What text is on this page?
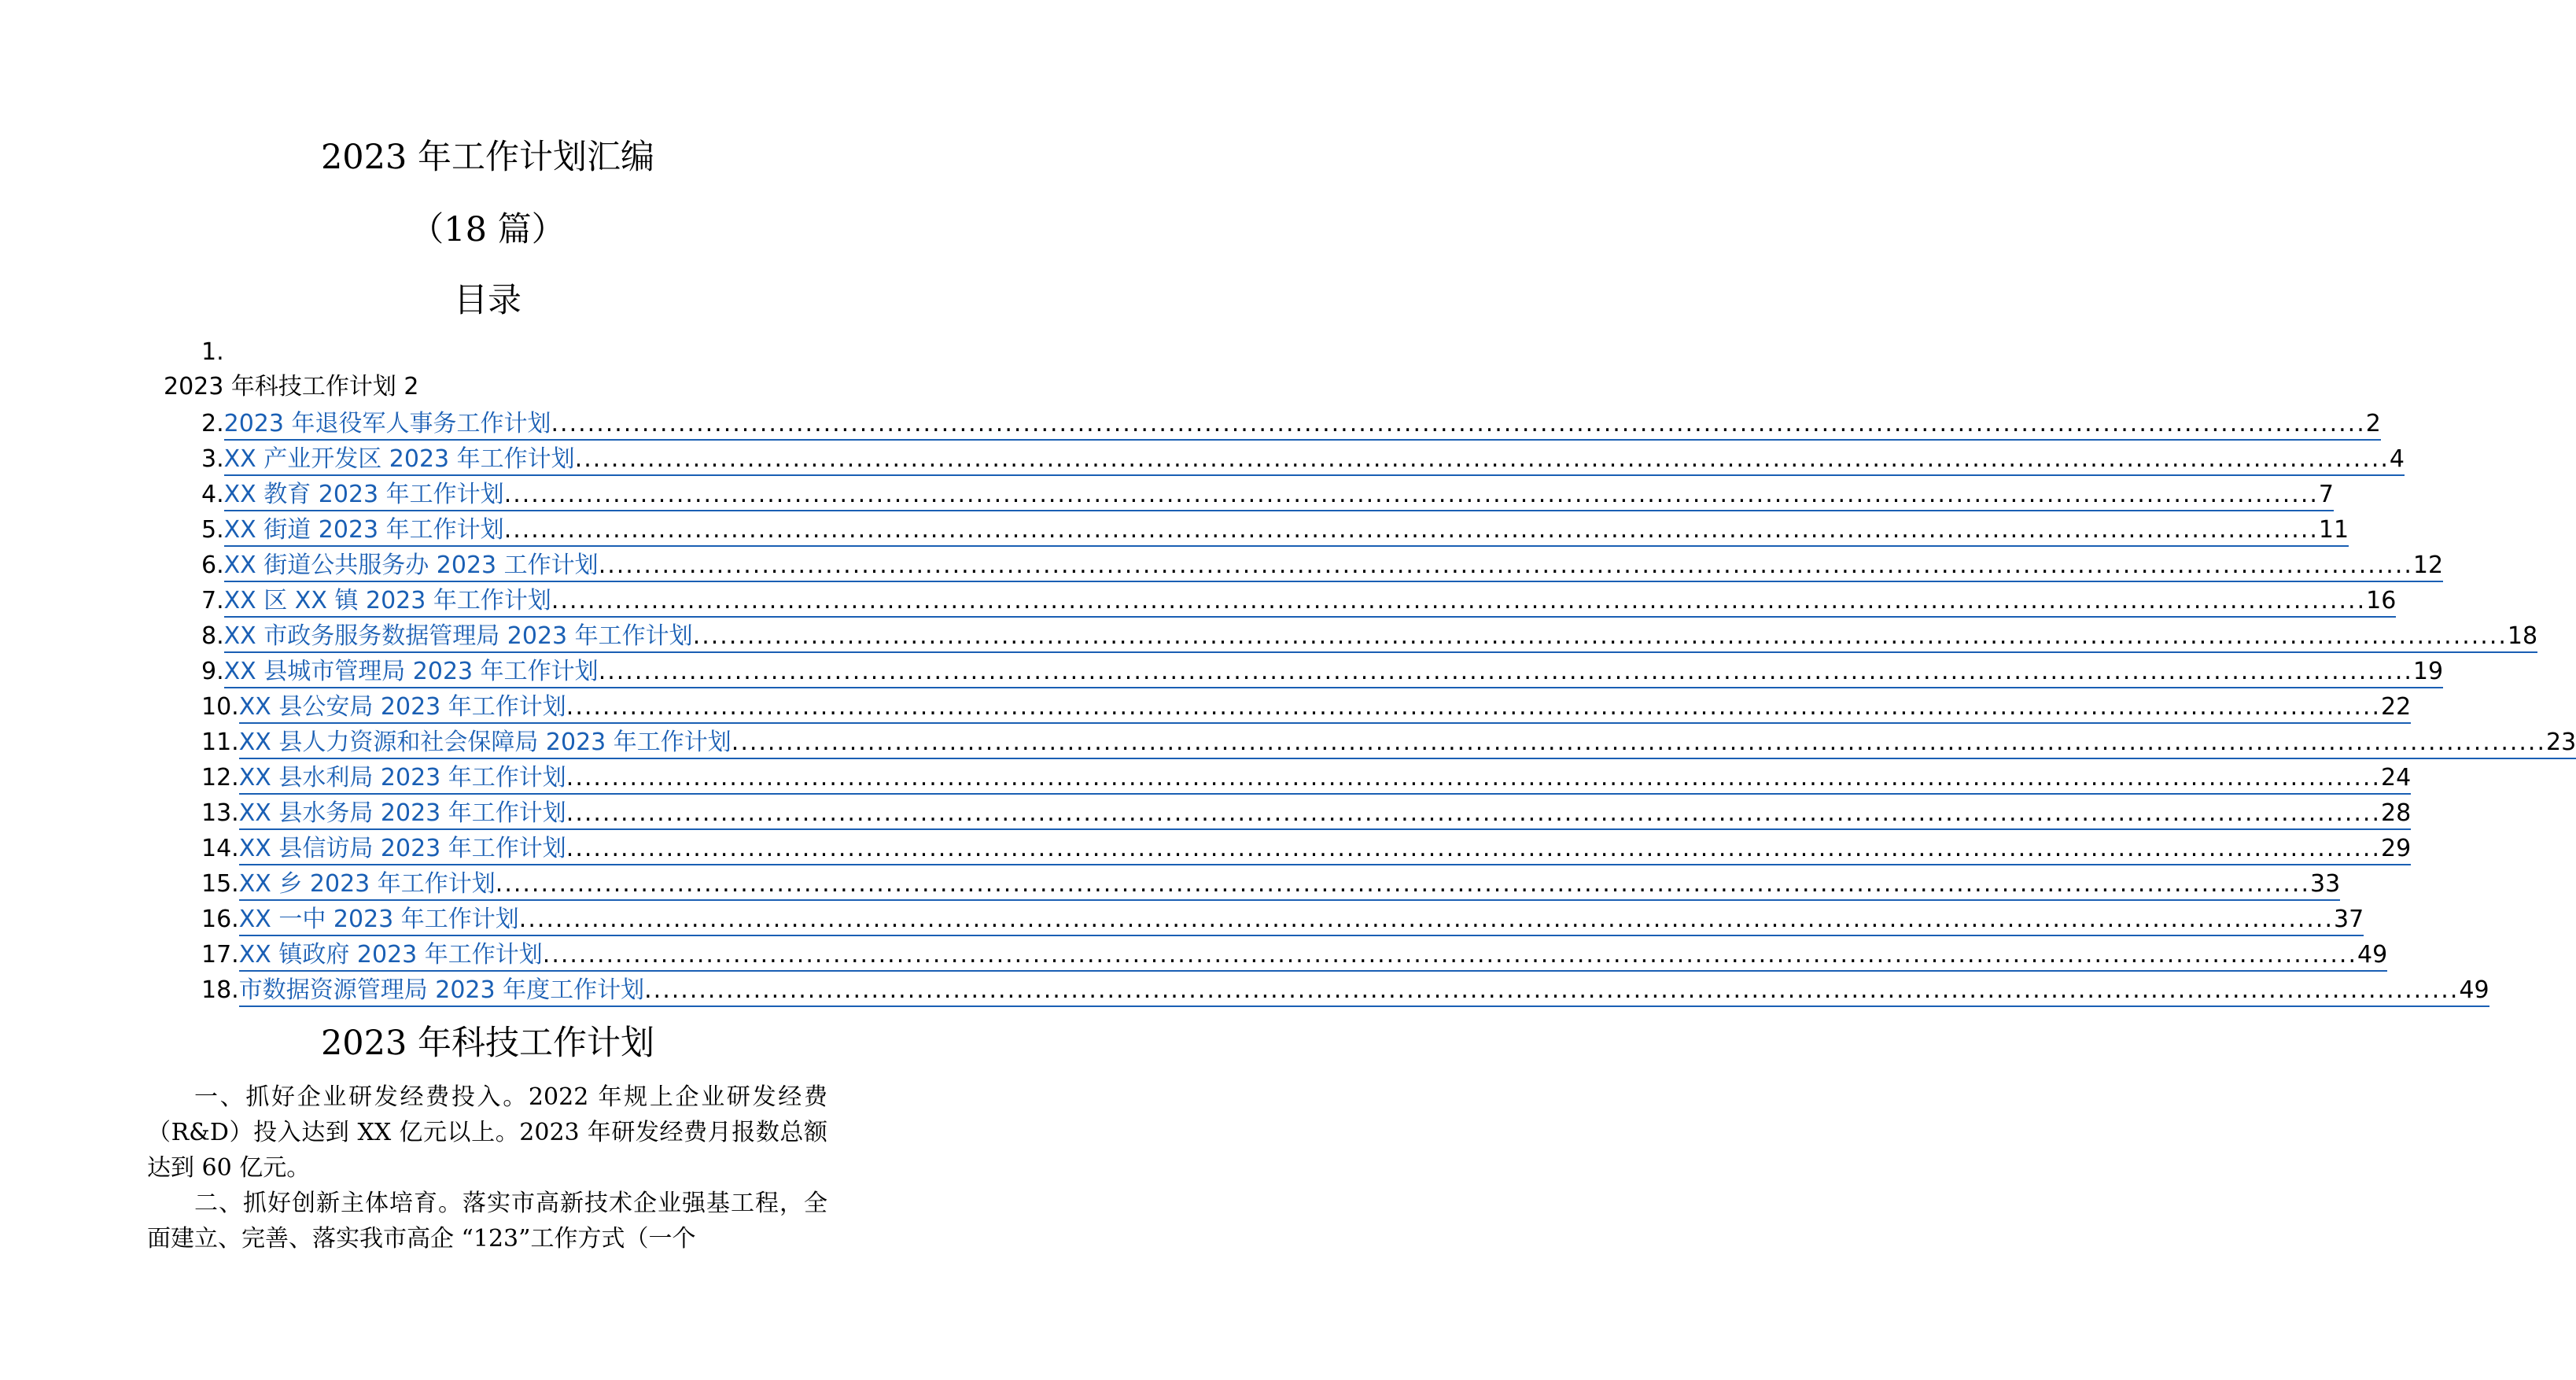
2023 年工作计划汇编
（18 篇）
目录
1.
2023 年科技工作计划 2
2. 2023 年退役军人事务工作计划 ........................................................................................................................................................................................................ 2
3. XX 产业开发区 2023 年工作计划 ........................................................................................................................................................................................................ 4
4. XX 教育 2023 年工作计划 ........................................................................................................................................................................................................ 7
5. XX 街道 2023 年工作计划 ........................................................................................................................................................................................................ 11
6. XX 街道公共服务办 2023 工作计划 ........................................................................................................................................................................................................ 12
7. XX 区 XX 镇 2023 年工作计划 ........................................................................................................................................................................................................ 16
8. XX 市政务服务数据管理局 2023 年工作计划 ........................................................................................................................................................................................................ 18
9. XX 县城市管理局 2023 年工作计划 ........................................................................................................................................................................................................ 19
10. XX 县公安局 2023 年工作计划 ........................................................................................................................................................................................................ 22
11. XX 县人力资源和社会保障局 2023 年工作计划 ........................................................................................................................................................................................................ 23
12. XX 县水利局 2023 年工作计划 ........................................................................................................................................................................................................ 24
13. XX 县水务局 2023 年工作计划 ........................................................................................................................................................................................................ 28
14. XX 县信访局 2023 年工作计划 ........................................................................................................................................................................................................ 29
15. XX 乡 2023 年工作计划 ........................................................................................................................................................................................................ 33
16. XX 一中 2023 年工作计划 ........................................................................................................................................................................................................ 37
17. XX 镇政府 2023 年工作计划 ........................................................................................................................................................................................................ 49
18. 市数据资源管理局 2023 年度工作计划 ........................................................................................................................................................................................................ 49
2023 年科技工作计划

一、抓好企业研发经费投入。2022 年规上企业研发经费（R&D）投入达到 XX 亿元以上。2023 年研发经费月报数总额达到 60 亿元。

二、抓好创新主体培育。落实市高新技术企业强基工程，全面建立、完善、落实我市高企 “123”工作方式（一个
